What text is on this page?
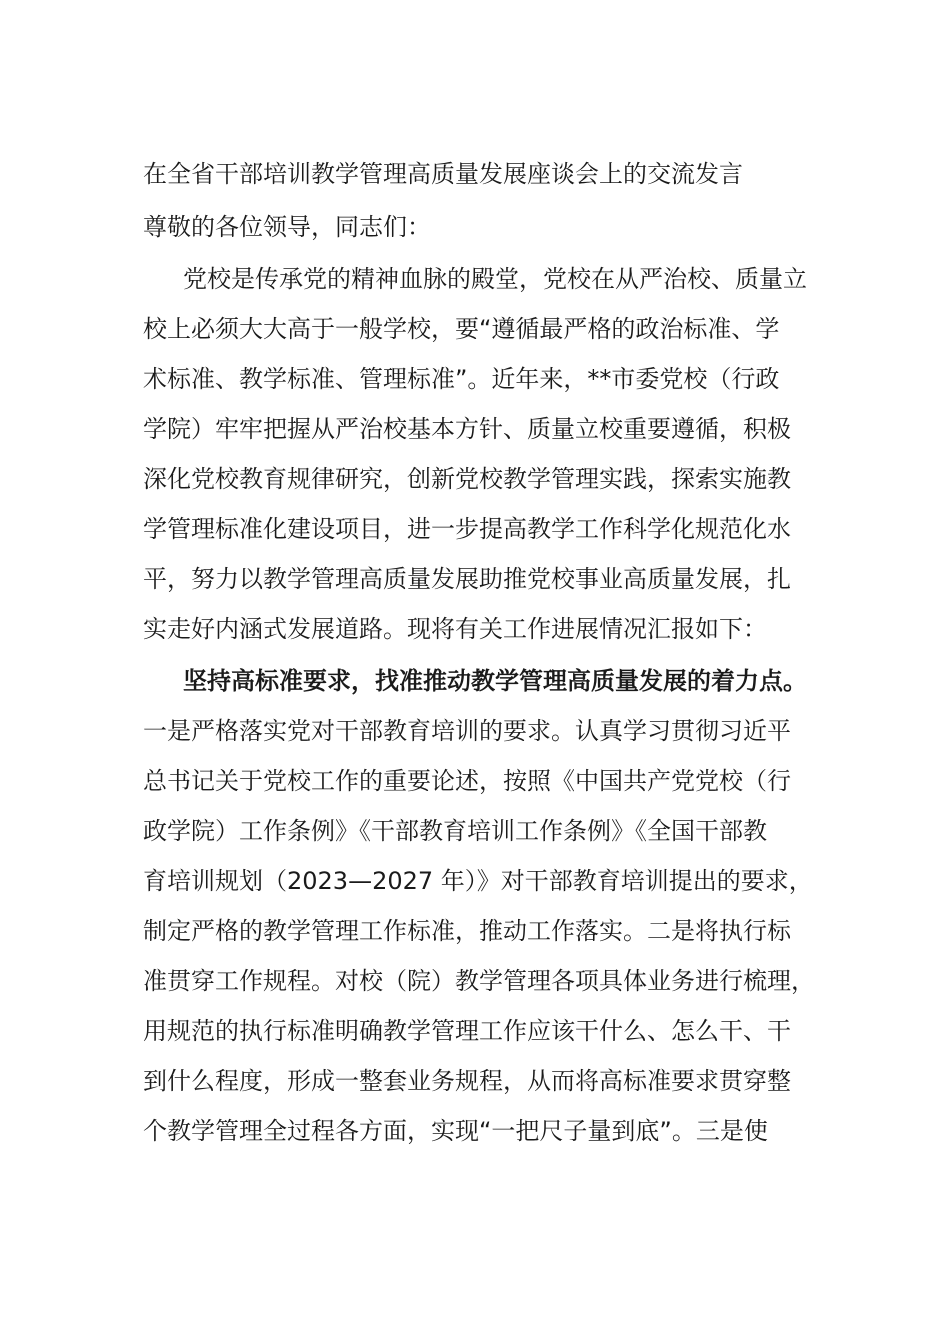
在全省干部培训教学管理高质量发展座谈会上的交流发言
尊敬的各位领导，同志们：
党校是传承党的精神血脉的殿堂，党校在从严治校、质量立
校上必须大大高于一般学校，要“遵循最严格的政治标准、学
术标准、教学标准、管理标准”。近年来，**市委党校（行政
学院）牢牢把握从严治校基本方针、质量立校重要遵循，积极
深化党校教育规律研究，创新党校教学管理实践，探索实施教
学管理标准化建设项目，进一步提高教学工作科学化规范化水
平，努力以教学管理高质量发展助推党校事业高质量发展，扎
实走好内涵式发展道路。现将有关工作进展情况汇报如下：
坚持高标准要求，找准推动教学管理高质量发展的着力点。
一是严格落实党对干部教育培训的要求。认真学习贯彻习近平
总书记关于党校工作的重要论述，按照《中国共产党党校（行
政学院）工作条例》《干部教育培训工作条例》《全国干部教
育培训规划（2023—2027 年）》对干部教育培训提出的要求，
制定严格的教学管理工作标准，推动工作落实。二是将执行标
准贯穿工作规程。对校（院）教学管理各项具体业务进行梳理，
用规范的执行标准明确教学管理工作应该干什么、怎么干、干
到什么程度，形成一整套业务规程，从而将高标准要求贯穿整
个教学管理全过程各方面，实现“一把尺子量到底”。三是使
